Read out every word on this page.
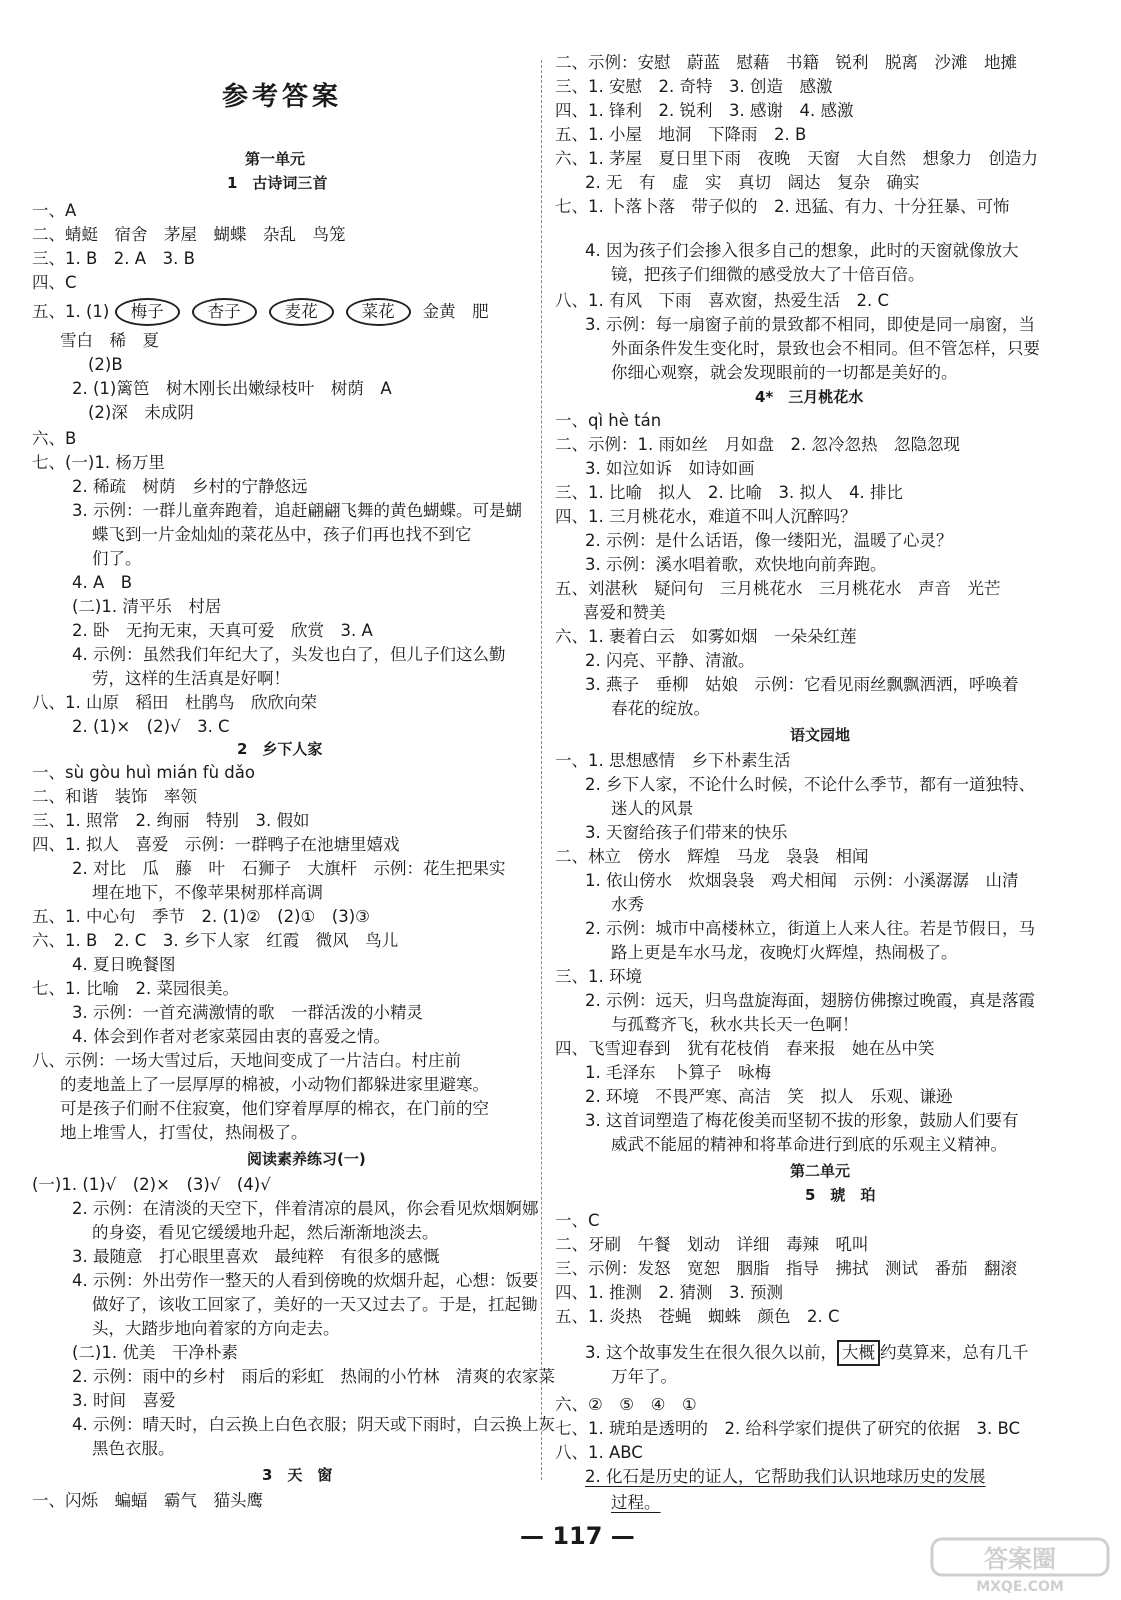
参考答案
第一单元
1　古诗词三首
一、A
二、蜻蜓　宿舍　茅屋　蝴蝶　杂乱　鸟笼
三、1. B　2. A　3. B
四、C
五、1. (1) 梅子	杏子	麦花	菜花 金黄　肥
雪白　稀　夏
(2)B
2. (1)篱笆　树木刚长出嫩绿枝叶　树荫　A
(2)深　未成阴
六、B
七、(一)1. 杨万里
2. 稀疏　树荫　乡村的宁静悠远
3. 示例：一群儿童奔跑着，追赶翩翩飞舞的黄色蝴蝶。可是蝴
蝶飞到一片金灿灿的菜花丛中，孩子们再也找不到它
们了。
4. A　B
(二)1. 清平乐　村居
2. 卧　无拘无束，天真可爱　欣赏　3. A
4. 示例：虽然我们年纪大了，头发也白了，但儿子们这么勤
劳，这样的生活真是好啊！
八、1. 山原　稻田　杜鹃鸟　欣欣向荣
2. (1)×　(2)√　3. C
2　乡下人家
一、sù gòu huì mián fù dǎo
二、和谐　装饰　率领
三、1. 照常　2. 绚丽　特别　3. 假如
四、1. 拟人　喜爱　示例：一群鸭子在池塘里嬉戏
2. 对比　瓜　藤　叶　石狮子　大旗杆　示例：花生把果实
埋在地下，不像苹果树那样高调
五、1. 中心句　季节　2. (1)②　(2)①　(3)③
六、1. B　2. C　3. 乡下人家　红霞　微风　鸟儿
4. 夏日晚餐图
七、1. 比喻　2. 菜园很美。
3. 示例：一首充满激情的歌　一群活泼的小精灵
4. 体会到作者对老家菜园由衷的喜爱之情。
八、示例：一场大雪过后，天地间变成了一片洁白。村庄前
的麦地盖上了一层厚厚的棉被，小动物们都躲进家里避寒。
可是孩子们耐不住寂寞，他们穿着厚厚的棉衣，在门前的空
地上堆雪人，打雪仗，热闹极了。
阅读素养练习(一)
(一)1. (1)√　(2)×　(3)√　(4)√
2. 示例：在清淡的天空下，伴着清凉的晨风，你会看见炊烟婀娜
的身姿，看见它缓缓地升起，然后渐渐地淡去。
3. 最随意　打心眼里喜欢　最纯粹　有很多的感慨
4. 示例：外出劳作一整天的人看到傍晚的炊烟升起，心想：饭要
做好了，该收工回家了，美好的一天又过去了。于是，扛起锄
头，大踏步地向着家的方向走去。
(二)1. 优美　干净朴素
2. 示例：雨中的乡村　雨后的彩虹　热闹的小竹林　清爽的农家菜
3. 时间　喜爱
4. 示例：晴天时，白云换上白色衣服；阴天或下雨时，白云换上灰
黑色衣服。
3　天　窗
一、闪烁　蝙蝠　霸气　猫头鹰
二、示例：安慰　蔚蓝　慰藉　书籍　锐利　脱离　沙滩　地摊
三、1. 安慰　2. 奇特　3. 创造　感激
四、1. 锋利　2. 锐利　3. 感谢　4. 感激
五、1. 小屋　地洞　下降雨　2. B
六、1. 茅屋　夏日里下雨　夜晚　天窗　大自然　想象力　创造力
2. 无　有　虚　实　真切　阔达　复杂　确实
七、1. 卜落卜落　带子似的　2. 迅猛、有力、十分狂暴、可怖
4. 因为孩子们会掺入很多自己的想象，此时的天窗就像放大
镜，把孩子们细微的感受放大了十倍百倍。
八、1. 有风　下雨　喜欢窗，热爱生活　2. C
3. 示例：每一扇窗子前的景致都不相同，即使是同一扇窗，当
外面条件发生变化时，景致也会不相同。但不管怎样，只要
你细心观察，就会发现眼前的一切都是美好的。
4*　三月桃花水
一、qì hè tán
二、示例：1. 雨如丝　月如盘　2. 忽冷忽热　忽隐忽现
3. 如泣如诉　如诗如画
三、1. 比喻　拟人　2. 比喻　3. 拟人　4. 排比
四、1. 三月桃花水，难道不叫人沉醉吗？
2. 示例：是什么话语，像一缕阳光，温暖了心灵？
3. 示例：溪水唱着歌，欢快地向前奔跑。
五、刘湛秋　疑问句　三月桃花水　三月桃花水　声音　光芒
喜爱和赞美
六、1. 裹着白云　如雾如烟　一朵朵红莲
2. 闪亮、平静、清澈。
3. 燕子　垂柳　姑娘　示例：它看见雨丝飘飘洒洒，呼唤着
春花的绽放。
语文园地
一、1. 思想感情　乡下朴素生活
2. 乡下人家，不论什么时候，不论什么季节，都有一道独特、
迷人的风景
3. 天窗给孩子们带来的快乐
二、林立　傍水　辉煌　马龙　袅袅　相闻
1. 依山傍水　炊烟袅袅　鸡犬相闻　示例：小溪潺潺　山清
水秀
2. 示例：城市中高楼林立，街道上人来人往。若是节假日，马
路上更是车水马龙，夜晚灯火辉煌，热闹极了。
三、1. 环境
2. 示例：远天，归鸟盘旋海面，翅膀仿佛擦过晚霞，真是落霞
与孤鹜齐飞，秋水共长天一色啊！
四、飞雪迎春到　犹有花枝俏　春来报　她在丛中笑
1. 毛泽东　卜算子　咏梅
2. 环境　不畏严寒、高洁　笑　拟人　乐观、谦逊
3. 这首词塑造了梅花俊美而坚韧不拔的形象，鼓励人们要有
威武不能屈的精神和将革命进行到底的乐观主义精神。
第二单元
5　琥　珀
一、C
二、牙刷　午餐　划动　详细　毒辣　吼叫
三、示例：发怒　宽恕　胭脂　指导　拂拭　测试　番茄　翻滚
四、1. 推测　2. 猜测　3. 预测
五、1. 炎热　苍蝇　蜘蛛　颜色　2. C
3. 这个故事发生在很久很久以前， 大概 约莫算来，总有几千
万年了。
六、②　⑤　④　①
七、1. 琥珀是透明的　2. 给科学家们提供了研究的依据　3. BC
八、1. ABC
2. 化石是历史的证人，它帮助我们认识地球历史的发展
过程。
— 117 —
答案圈
MXQE.COM
